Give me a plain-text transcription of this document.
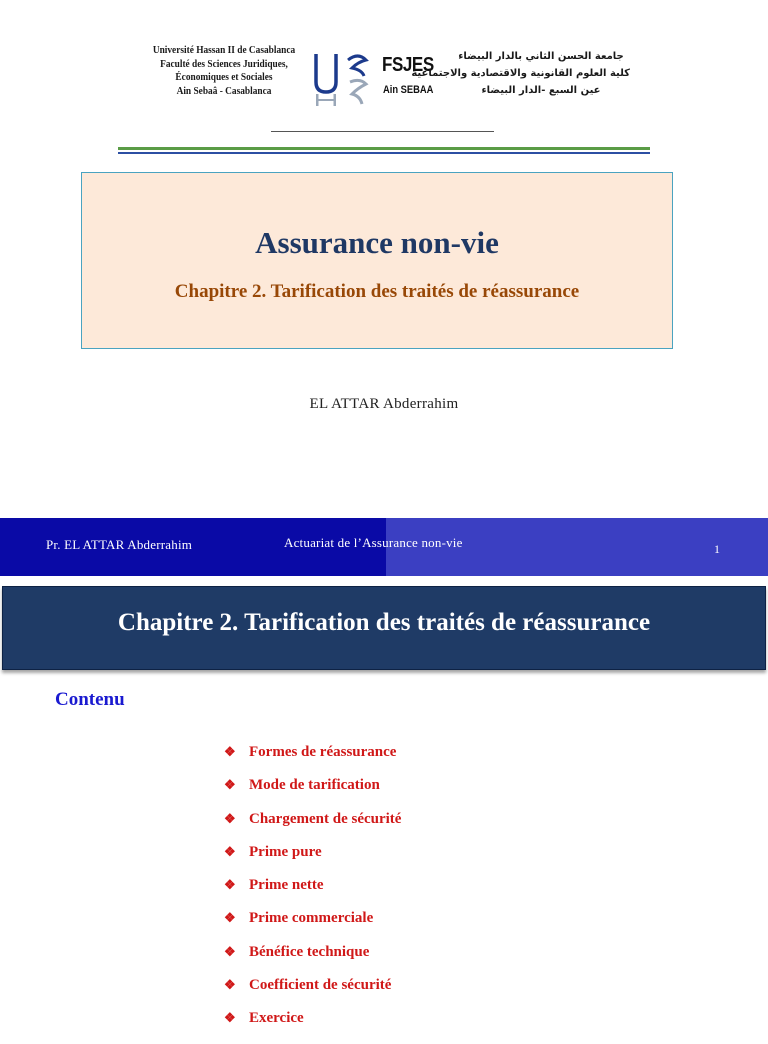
Université Hassan II de Casablanca
Faculté des Sciences Juridiques,
Économiques et Sociales
Ain Sebaâ - Casablanca
FSJES
Ain SEBAA
جامعة الحسن الثاني بالدار البيضاء
كلية العلوم القانونية والاقتصادية والاجتماعية
عين السبع -الدار البيضاء
Assurance non-vie
Chapitre 2. Tarification des traités de réassurance
EL ATTAR Abderrahim
Pr. EL ATTAR Abderrahim	Actuariat de l’Assurance non-vie	1
Chapitre 2. Tarification des traités de réassurance
Contenu
❖ Formes de réassurance
❖ Mode de tarification
❖ Chargement de sécurité
❖ Prime pure
❖ Prime nette
❖ Prime commerciale
❖ Bénéfice technique
❖ Coefficient de sécurité
❖ Exercice
